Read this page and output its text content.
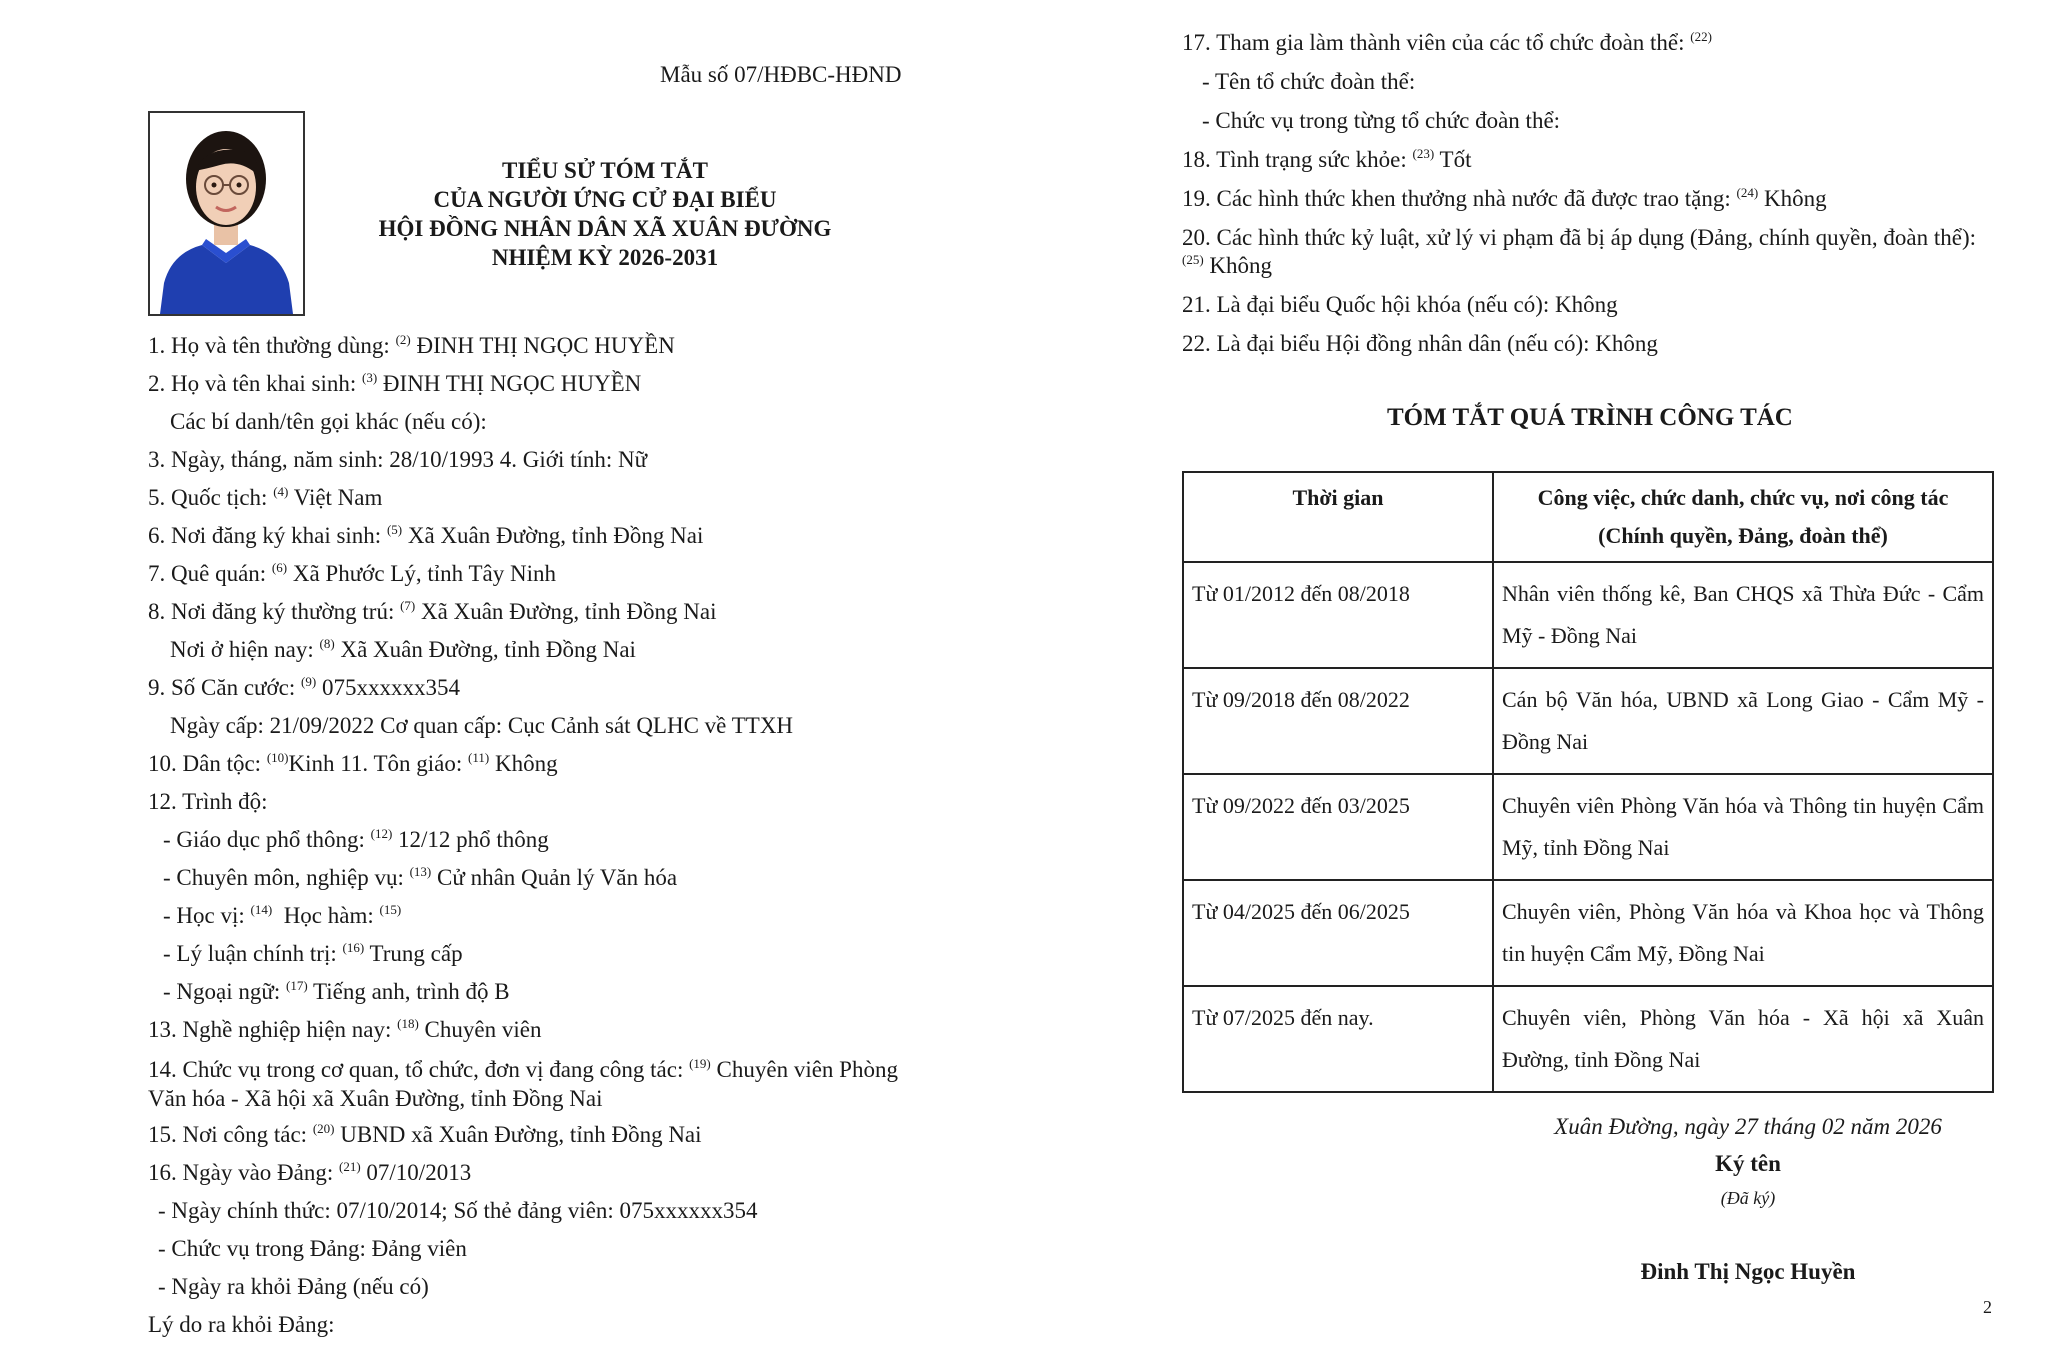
Mẫu số 07/HĐBC-HĐND
TIỂU SỬ TÓM TẮT
CỦA NGƯỜI ỨNG CỬ ĐẠI BIỂU
HỘI ĐỒNG NHÂN DÂN XÃ XUÂN ĐƯỜNG
NHIỆM KỲ 2026-2031
1. Họ và tên thường dùng: $^{(2)}$ ĐINH THỊ NGỌC HUYỀN
2. Họ và tên khai sinh: $^{(3)}$ ĐINH THỊ NGỌC HUYỀN
Các bí danh/tên gọi khác (nếu có):
3. Ngày, tháng, năm sinh: 28/10/1993 4. Giới tính: Nữ
5. Quốc tịch: $^{(4)}$ Việt Nam
6. Nơi đăng ký khai sinh: $^{(5)}$ Xã Xuân Đường, tỉnh Đồng Nai
7. Quê quán: $^{(6)}$ Xã Phước Lý, tỉnh Tây Ninh
8. Nơi đăng ký thường trú: $^{(7)}$ Xã Xuân Đường, tỉnh Đồng Nai
Nơi ở hiện nay: $^{(8)}$ Xã Xuân Đường, tỉnh Đồng Nai
9. Số Căn cước: $^{(9)}$ 075xxxxxx354
Ngày cấp: 21/09/2022 Cơ quan cấp: Cục Cảnh sát QLHC về TTXH
10. Dân tộc: $^{(10)}$Kinh 11. Tôn giáo: $^{(11)}$ Không
12. Trình độ:
- Giáo dục phổ thông: $^{(12)}$ 12/12 phổ thông
- Chuyên môn, nghiệp vụ: $^{(13)}$ Cử nhân Quản lý Văn hóa
- Học vị: $^{(14)}$  Học hàm: $^{(15)}$
- Lý luận chính trị: $^{(16)}$ Trung cấp
- Ngoại ngữ: $^{(17)}$ Tiếng anh, trình độ B
13. Nghề nghiệp hiện nay: $^{(18)}$ Chuyên viên
14. Chức vụ trong cơ quan, tổ chức, đơn vị đang công tác: $^{(19)}$ Chuyên viên Phòng Văn hóa - Xã hội xã Xuân Đường, tỉnh Đồng Nai
15. Nơi công tác: $^{(20)}$ UBND xã Xuân Đường, tỉnh Đồng Nai
16. Ngày vào Đảng: $^{(21)}$ 07/10/2013
- Ngày chính thức: 07/10/2014; Số thẻ đảng viên: 075xxxxxx354
- Chức vụ trong Đảng: Đảng viên
- Ngày ra khỏi Đảng (nếu có)
Lý do ra khỏi Đảng:
17. Tham gia làm thành viên của các tổ chức đoàn thể: $^{(22)}$
- Tên tổ chức đoàn thể:
- Chức vụ trong từng tổ chức đoàn thể:
18. Tình trạng sức khỏe: $^{(23)}$ Tốt
19. Các hình thức khen thưởng nhà nước đã được trao tặng: $^{(24)}$ Không
20. Các hình thức kỷ luật, xử lý vi phạm đã bị áp dụng (Đảng, chính quyền, đoàn thể):
$^{(25)}$ Không
21. Là đại biểu Quốc hội khóa (nếu có): Không
22. Là đại biểu Hội đồng nhân dân (nếu có): Không
TÓM TẮT QUÁ TRÌNH CÔNG TÁC
Thời gian	Công việc, chức danh, chức vụ, nơi công tác
(Chính quyền, Đảng, đoàn thể)

Từ 01/2012 đến 08/2018	Nhân viên thống kê, Ban CHQS xã Thừa Đức - Cẩm Mỹ - Đồng Nai
Từ 09/2018 đến 08/2022	Cán bộ Văn hóa, UBND xã Long Giao - Cẩm Mỹ - Đồng Nai
Từ 09/2022 đến 03/2025	Chuyên viên Phòng Văn hóa và Thông tin huyện Cẩm Mỹ, tỉnh Đồng Nai
Từ 04/2025 đến 06/2025	Chuyên viên, Phòng Văn hóa và Khoa học và Thông tin huyện Cẩm Mỹ, Đồng Nai
Từ 07/2025 đến nay.	Chuyên viên, Phòng Văn hóa - Xã hội xã Xuân Đường, tỉnh Đồng Nai
Xuân Đường, ngày 27 tháng 02 năm 2026
Ký tên
(Đã ký)
Đinh Thị Ngọc Huyền
2
